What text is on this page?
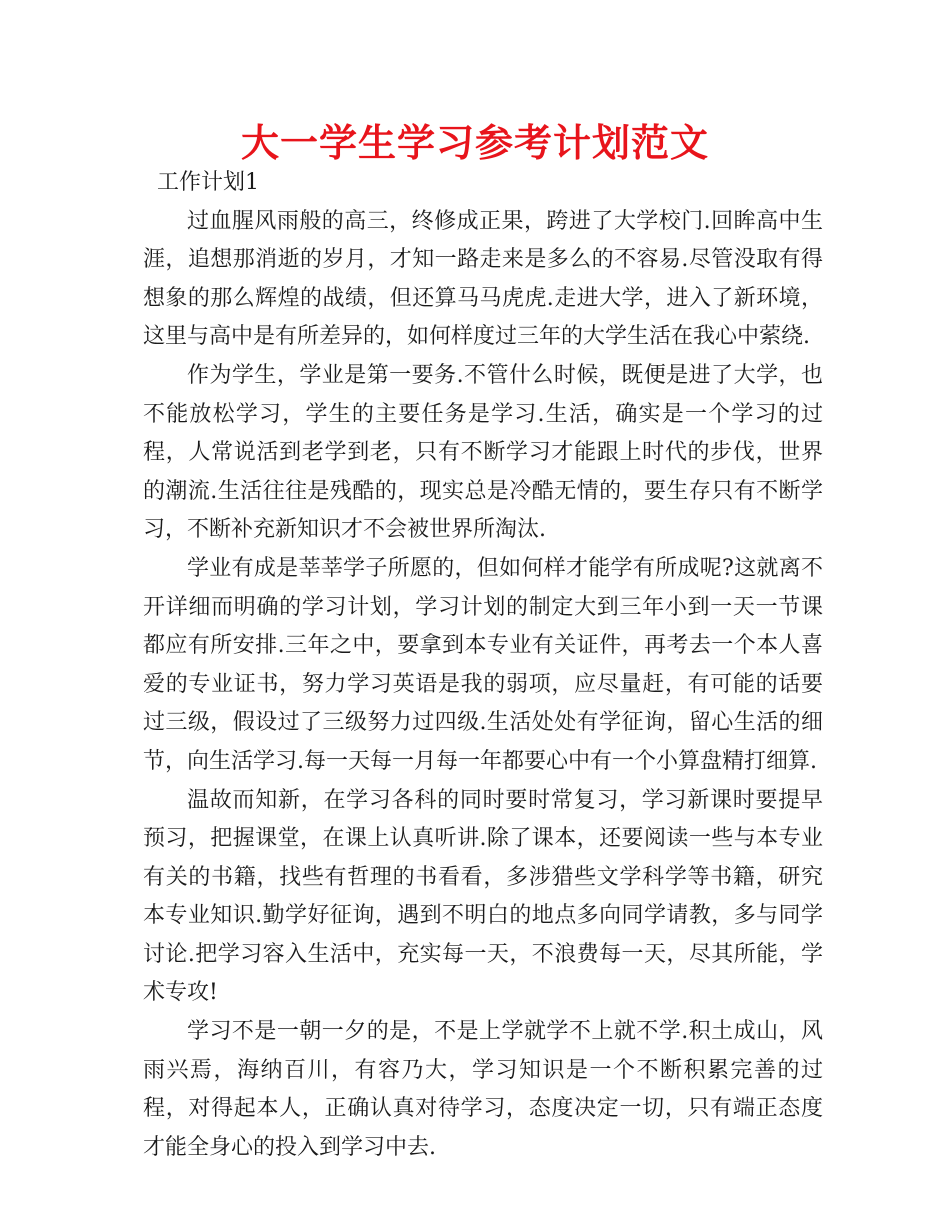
大一学生学习参考计划范文

工作计划1

过血腥风雨般的高三，终修成正果，跨进了大学校门.回眸高中生涯，追想那消逝的岁月，才知一路走来是多么的不容易.尽管没取有得想象的那么辉煌的战绩，但还算马马虎虎.走进大学，进入了新环境，这里与高中是有所差异的，如何样度过三年的大学生活在我心中萦绕.

作为学生，学业是第一要务.不管什么时候，既便是进了大学，也不能放松学习，学生的主要任务是学习.生活，确实是一个学习的过程，人常说活到老学到老，只有不断学习才能跟上时代的步伐，世界的潮流.生活往往是残酷的，现实总是冷酷无情的，要生存只有不断学习，不断补充新知识才不会被世界所淘汰.

学业有成是莘莘学子所愿的，但如何样才能学有所成呢?这就离不开详细而明确的学习计划，学习计划的制定大到三年小到一天一节课都应有所安排.三年之中，要拿到本专业有关证件，再考去一个本人喜爱的专业证书，努力学习英语是我的弱项，应尽量赶，有可能的话要过三级，假设过了三级努力过四级.生活处处有学征询，留心生活的细节，向生活学习.每一天每一月每一年都要心中有一个小算盘精打细算.

温故而知新，在学习各科的同时要时常复习，学习新课时要提早预习，把握课堂，在课上认真听讲.除了课本，还要阅读一些与本专业有关的书籍，找些有哲理的书看看，多涉猎些文学科学等书籍，研究本专业知识.勤学好征询，遇到不明白的地点多向同学请教，多与同学讨论.把学习容入生活中，充实每一天，不浪费每一天，尽其所能，学术专攻!

学习不是一朝一夕的是，不是上学就学不上就不学.积土成山，风雨兴焉，海纳百川，有容乃大，学习知识是一个不断积累完善的过程，对得起本人，正确认真对待学习，态度决定一切，只有端正态度才能全身心的投入到学习中去.
